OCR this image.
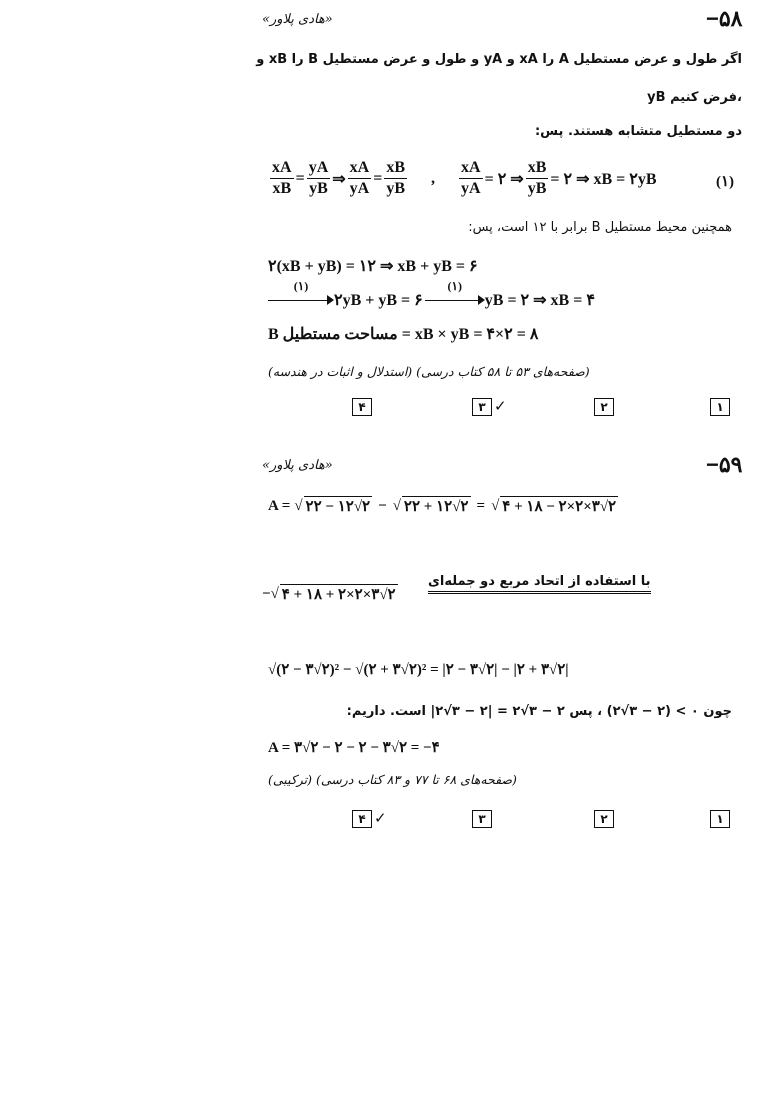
−۵۸
«هادی پلاور»
اگر طول و عرض مستطیل A را xA و yA و طول و عرض مستطیل B را xB و
yB فرض کنیم،
دو مستطیل متشابه هستند. پس:
$\frac{xA}{xB} = \frac{yA}{yB}$ ⇒ $\frac{xA}{yA} = \frac{xB}{yB}$ , $\frac{xA}{yA}$ = ۲ ⇒ $\frac{xB}{yB}$ = ۲ ⇒ xB = ۲yB	(۱)
همچنین محیط مستطیل B برابر با ۱۲ است، پس:
۲(xB + yB) = ۱۲ ⇒ xB + yB = ۶
(۱)
۲yB + yB = ۶
(۱)
yB = ۲ ⇒ xB = ۴
B مساحت مستطیل = xB × yB = ۴×۲ = ۸
(صفحه‌های ۵۳ تا ۵۸ کتاب درسی) (استدلال و اثبات در هندسه)
۱
۲
۳ ✓
۴
−۵۹
«هادی پلاور»
A = √ ۲۲ − ۱۲√۲ − √ ۲۲ + ۱۲√۲ = √ ۴ + ۱۸ − ۲×۲×۳√۲
− √ ۴ + ۱۸ + ۲×۲×۳√۲
با استفاده از اتحاد مربع دو جمله‌ای
√(۲ − ۳√۲)² − √(۲ + ۳√۲)² = |۲ − ۳√۲| − |۲ + ۳√۲|
چون ۰ > (۲ − ۳√۲) ، پس ۲ − ۳√۲ = |۲ − ۳√۲| است. داریم:
A = ۳√۲ − ۲ − ۲ − ۳√۲ = −۴
(صفحه‌های ۶۸ تا ۷۷ و ۸۳ کتاب درسی) (ترکیبی)
۱
۲
۳
۴ ✓
